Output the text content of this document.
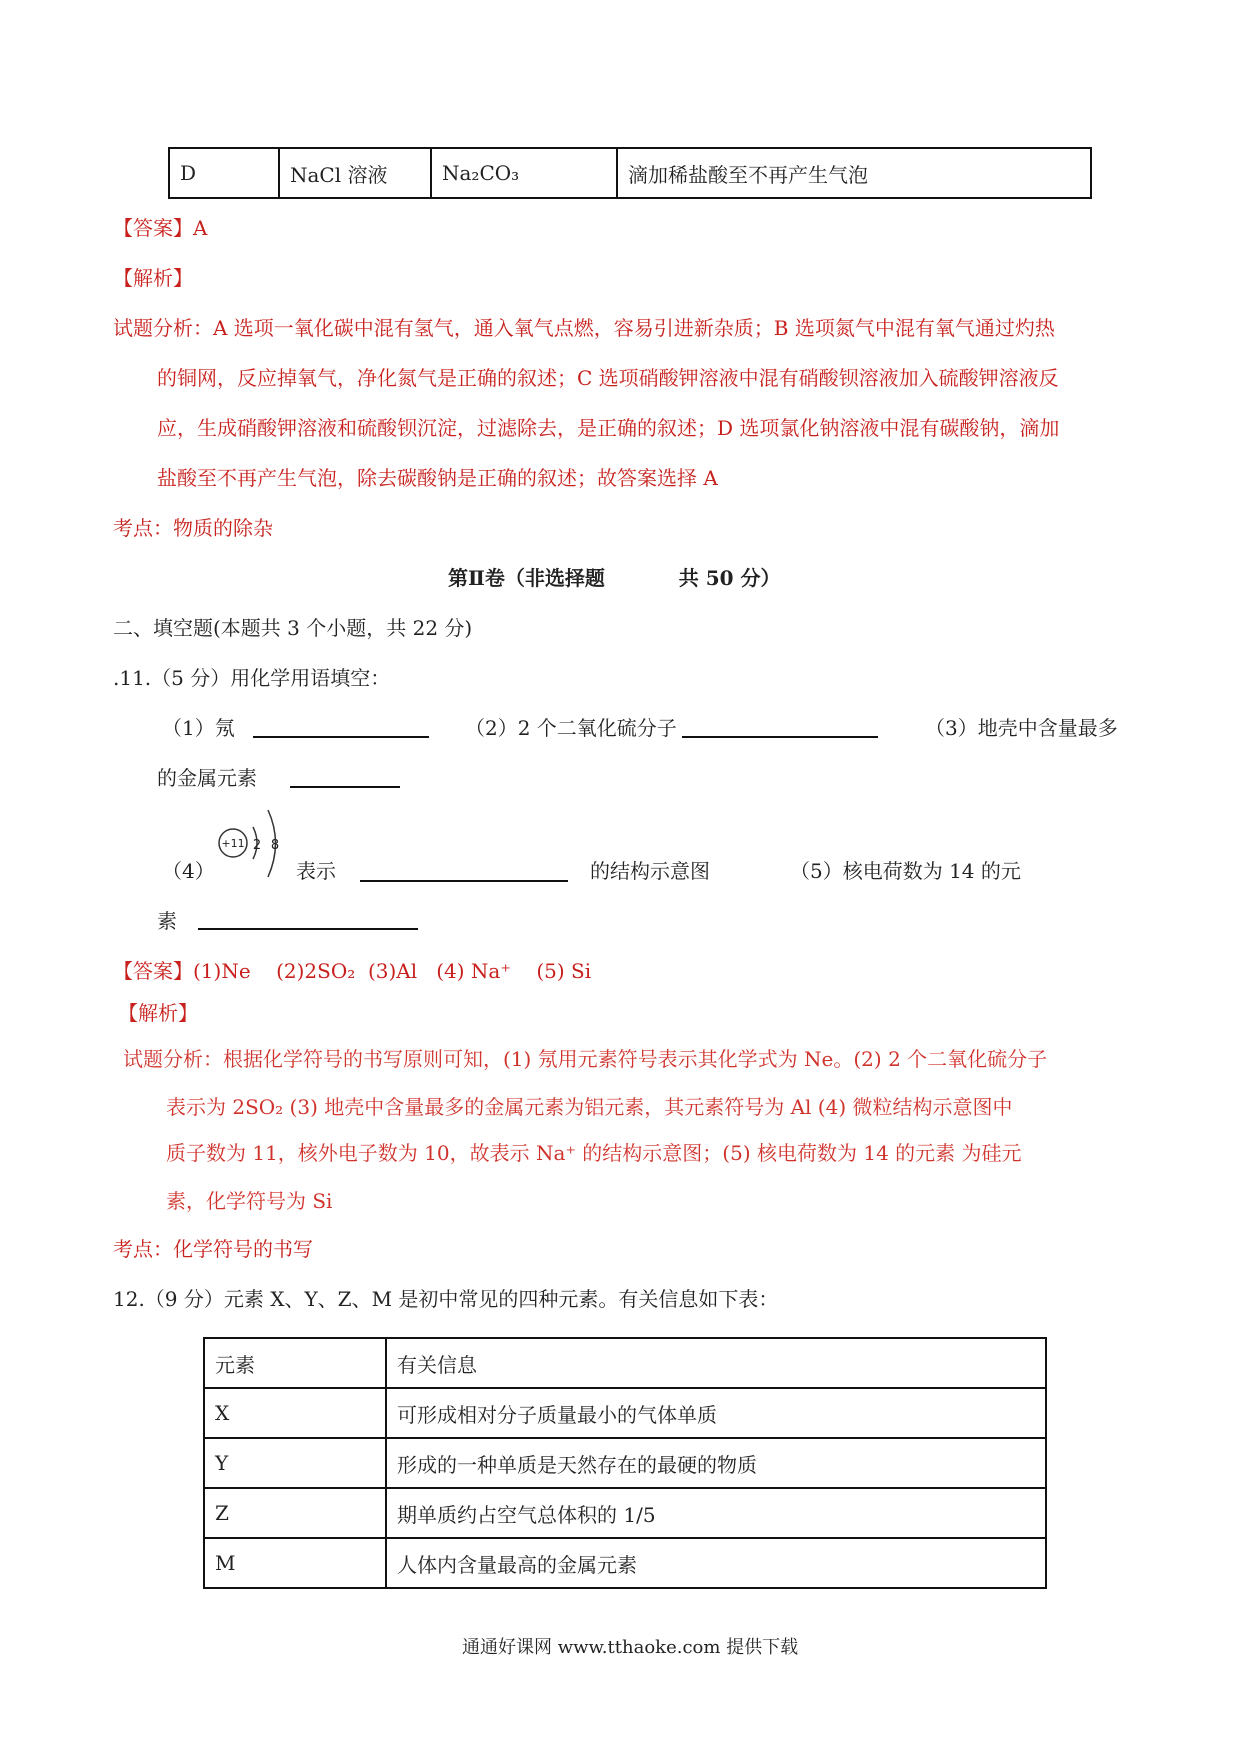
D	NaCl 溶液	Na₂CO₃	滴加稀盐酸至不再产生气泡
【答案】A
【解析】
试题分析：A 选项一氧化碳中混有氢气，通入氧气点燃，容易引进新杂质；B 选项氮气中混有氧气通过灼热
的铜网，反应掉氧气，净化氮气是正确的叙述；C 选项硝酸钾溶液中混有硝酸钡溶液加入硫酸钾溶液反
应，生成硝酸钾溶液和硫酸钡沉淀，过滤除去，是正确的叙述；D 选项氯化钠溶液中混有碳酸钠，滴加
盐酸至不再产生气泡，除去碳酸钠是正确的叙述；故答案选择 A
考点：物质的除杂
第Ⅱ卷（非选择题	共 50 分）
二、填空题(本题共 3 个小题，共 22 分)
.11.（5 分）用化学用语填空：
（1）氖	（2）2 个二氧化硫分子	（3）地壳中含量最多
的金属元素
+11 2 8
（4）	表示	的结构示意图	（5）核电荷数为 14 的元
素
【答案】(1)Ne    (2)2SO₂  (3)Al   (4) Na⁺    (5) Si
【解析】
试题分析：根据化学符号的书写原则可知，(1) 氖用元素符号表示其化学式为 Ne。(2) 2 个二氧化硫分子
表示为 2SO₂ (3) 地壳中含量最多的金属元素为铝元素，其元素符号为 Al (4) 微粒结构示意图中
质子数为 11，核外电子数为 10，故表示 Na⁺ 的结构示意图；(5) 核电荷数为 14 的元素 为硅元
素，化学符号为 Si
考点：化学符号的书写
12.（9 分）元素 X、Y、Z、M 是初中常见的四种元素。有关信息如下表：
元素	有关信息
X	可形成相对分子质量最小的气体单质
Y	形成的一种单质是天然存在的最硬的物质
Z	期单质约占空气总体积的 1/5
M	人体内含量最高的金属元素
通通好课网 www.tthaoke.com 提供下载
